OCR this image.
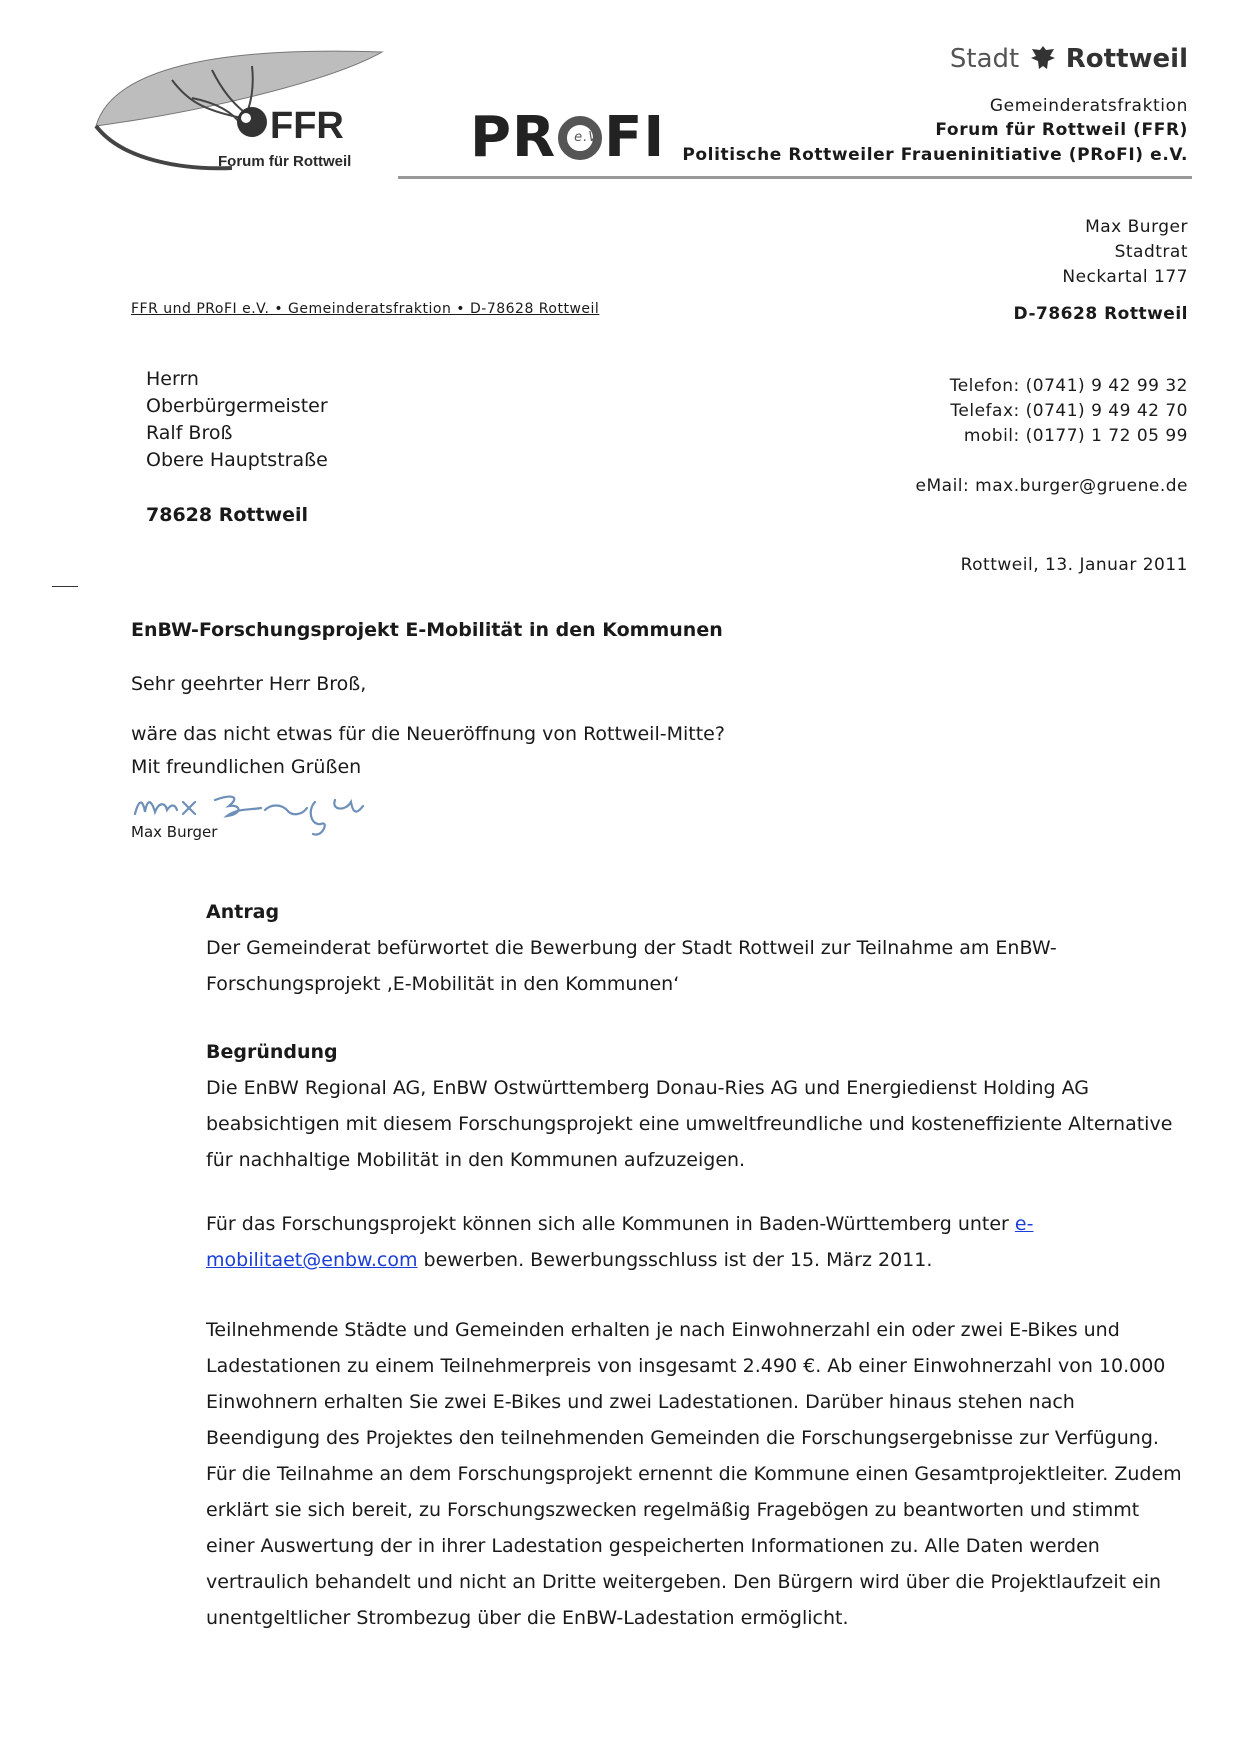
FFR
Forum für Rottweil PR e.V. FI
Stadt Rottweil
Gemeinderatsfraktion
Forum für Rottweil (FFR)
Politische Rottweiler Fraueninitiative (PRoFI) e.V.
Max Burger
Stadtrat
Neckartal 177
D-78628 Rottweil
Telefon: (0741) 9 42 99 32
Telefax: (0741) 9 49 42 70
mobil: (0177) 1 72 05 99
eMail: max.burger@gruene.de
FFR und PRoFI e.V. • Gemeinderatsfraktion • D-78628 Rottweil
Herrn
Oberbürgermeister
Ralf Broß
Obere Hauptstraße
78628 Rottweil
Rottweil, 13. Januar 2011
EnBW-Forschungsprojekt E-Mobilität in den Kommunen
Sehr geehrter Herr Broß,
wäre das nicht etwas für die Neueröffnung von Rottweil-Mitte?
Mit freundlichen Grüßen
Max Burger
Antrag
Der Gemeinderat befürwortet die Bewerbung der Stadt Rottweil zur Teilnahme am EnBW-Forschungsprojekt ‚E-Mobilität in den Kommunen‘
Begründung
Die EnBW Regional AG, EnBW Ostwürttemberg Donau-Ries AG und Energiedienst Holding AG beabsichtigen mit diesem Forschungsprojekt eine umweltfreundliche und kosteneffiziente Alternative für nachhaltige Mobilität in den Kommunen aufzuzeigen.
Für das Forschungsprojekt können sich alle Kommunen in Baden-Württemberg unter e-mobilitaet@enbw.com bewerben. Bewerbungsschluss ist der 15. März 2011.
Teilnehmende Städte und Gemeinden erhalten je nach Einwohnerzahl ein oder zwei E-Bikes und Ladestationen zu einem Teilnehmerpreis von insgesamt 2.490 €. Ab einer Einwohnerzahl von 10.000 Einwohnern erhalten Sie zwei E-Bikes und zwei Ladestationen. Darüber hinaus stehen nach Beendigung des Projektes den teilnehmenden Gemeinden die Forschungsergebnisse zur Verfügung. Für die Teilnahme an dem Forschungsprojekt ernennt die Kommune einen Gesamtprojektleiter. Zudem erklärt sie sich bereit, zu Forschungszwecken regelmäßig Fragebögen zu beantworten und stimmt einer Auswertung der in ihrer Ladestation gespeicherten Informationen zu. Alle Daten werden vertraulich behandelt und nicht an Dritte weitergeben. Den Bürgern wird über die Projektlaufzeit ein unentgeltlicher Strombezug über die EnBW-Ladestation ermöglicht.
